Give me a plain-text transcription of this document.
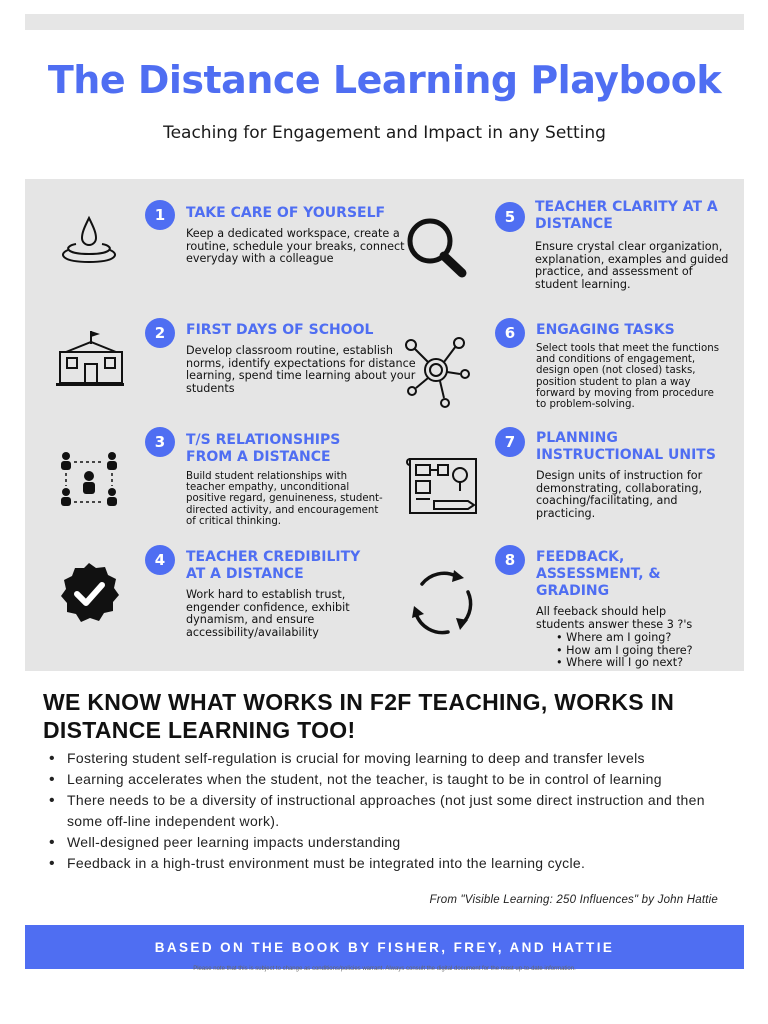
The Distance Learning Playbook
Teaching for Engagement and Impact in any Setting
1	TAKE CARE OF YOURSELF
Keep a dedicated workspace, create a routine, schedule your breaks, connect everyday with a colleague
2	FIRST DAYS OF SCHOOL
Develop classroom routine, establish norms, identify expectations for distance learning, spend time learning about your students
3	T/S RELATIONSHIPS FROM A DISTANCE
Build student relationships with teacher empathy, unconditional positive regard, genuineness, student-directed activity, and encouragement of critical thinking.
4	TEACHER CREDIBILITY AT A DISTANCE
Work hard to establish trust, engender confidence, exhibit dynamism, and ensure accessibility/availability
5
TEACHER CLARITY AT A DISTANCE
Ensure crystal clear organization, explanation, examples and guided practice, and assessment of student learning.
6	ENGAGING TASKS
Select tools that meet the functions and conditions of engagement, design open (not closed) tasks, position student to plan a way forward by moving from procedure to problem-solving.
7	PLANNING INSTRUCTIONAL UNITS
Design units of instruction for demonstrating, collaborating, coaching/facilitating, and practicing.
8	FEEDBACK, ASSESSMENT, & GRADING
All feeback should help students answer these 3 ?'s
• Where am I going?
• How am I going there?
• Where will I go next?
WE KNOW WHAT WORKS IN F2F TEACHING, WORKS IN DISTANCE LEARNING TOO!
• Fostering student self-regulation is crucial for moving learning to deep and transfer levels
• Learning accelerates when the student, not the teacher, is taught to be in control of learning
• There needs to be a diversity of instructional approaches (not just some direct instruction and then some off-line independent work).
• Well-designed peer learning impacts understanding
• Feedback in a high-trust environment must be integrated into the learning cycle.
From "Visible Learning: 250 Influences" by John Hattie
BASED ON THE BOOK BY FISHER, FREY, AND HATTIE
Please note that this is subject to change as conditions/policies warrant. Always consult the digital document for the most up-to-date information.
